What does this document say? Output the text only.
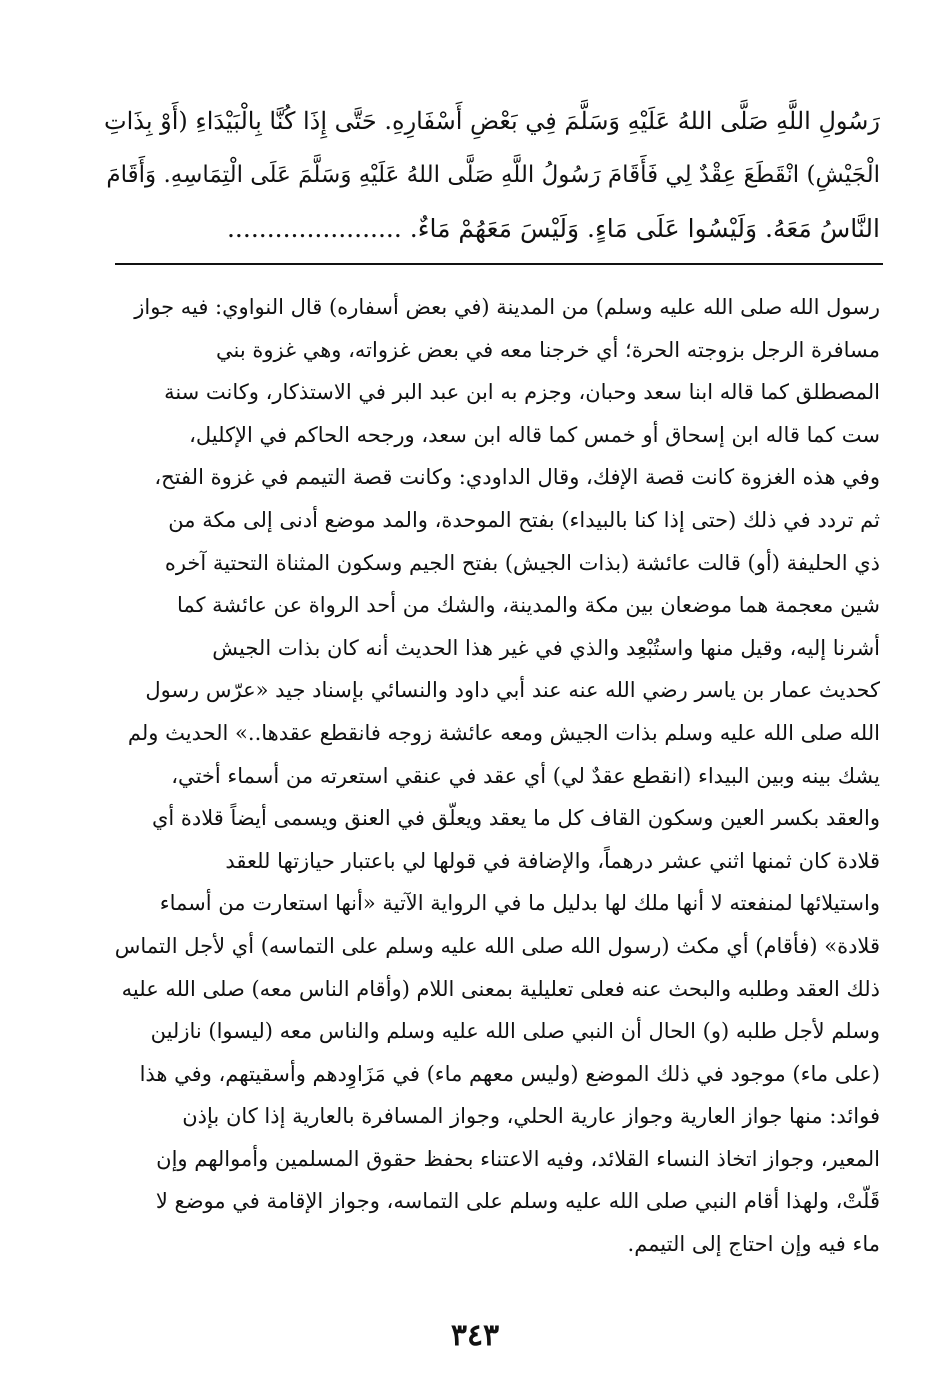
رَسُولِ اللَّهِ صَلَّى اللهُ عَلَيْهِ وَسَلَّمَ فِي بَعْضِ أَسْفَارِهِ. حَتَّى إِذَا كُنَّا بِالْبَيْدَاءِ (أَوْ بِذَاتِ
الْجَيْشِ) انْقَطَعَ عِقْدٌ لِي فَأَقَامَ رَسُولُ اللَّهِ صَلَّى اللهُ عَلَيْهِ وَسَلَّمَ عَلَى الْتِمَاسِهِ. وَأَقَامَ
النَّاسُ مَعَهُ. وَلَيْسُوا عَلَى مَاءٍ. وَلَيْسَ مَعَهُمْ مَاءٌ. ......................
رسول الله صلى الله عليه وسلم) من المدينة (في بعض أسفاره) قال النواوي: فيه جواز
مسافرة الرجل بزوجته الحرة؛ أي خرجنا معه في بعض غزواته، وهي غزوة بني
المصطلق كما قاله ابنا سعد وحبان، وجزم به ابن عبد البر في الاستذكار، وكانت سنة
ست كما قاله ابن إسحاق أو خمس كما قاله ابن سعد، ورجحه الحاكم في الإكليل،
وفي هذه الغزوة كانت قصة الإفك، وقال الداودي: وكانت قصة التيمم في غزوة الفتح،
ثم تردد في ذلك (حتى إذا كنا بالبيداء) بفتح الموحدة، والمد موضع أدنى إلى مكة من
ذي الحليفة (أو) قالت عائشة (بذات الجيش) بفتح الجيم وسكون المثناة التحتية آخره
شين معجمة هما موضعان بين مكة والمدينة، والشك من أحد الرواة عن عائشة كما
أشرنا إليه، وقيل منها واستُبْعِد والذي في غير هذا الحديث أنه كان بذات الجيش
كحديث عمار بن ياسر رضي الله عنه عند أبي داود والنسائي بإسناد جيد «عرّس رسول
الله صلى الله عليه وسلم بذات الجيش ومعه عائشة زوجه فانقطع عقدها..» الحديث ولم
يشك بينه وبين البيداء (انقطع عقدٌ لي) أي عقد في عنقي استعرته من أسماء أختي،
والعقد بكسر العين وسكون القاف كل ما يعقد ويعلّق في العنق ويسمى أيضاً قلادة أي
قلادة كان ثمنها اثني عشر درهماً، والإضافة في قولها لي باعتبار حيازتها للعقد
واستيلائها لمنفعته لا أنها ملك لها بدليل ما في الرواية الآتية «أنها استعارت من أسماء
قلادة» (فأقام) أي مكث (رسول الله صلى الله عليه وسلم على التماسه) أي لأجل التماس
ذلك العقد وطلبه والبحث عنه فعلى تعليلية بمعنى اللام (وأقام الناس معه) صلى الله عليه
وسلم لأجل طلبه (و) الحال أن النبي صلى الله عليه وسلم والناس معه (ليسوا) نازلين
(على ماء) موجود في ذلك الموضع (وليس معهم ماء) في مَزَاوِدهم وأسقيتهم، وفي هذا
فوائد: منها جواز العارية وجواز عارية الحلي، وجواز المسافرة بالعارية إذا كان بإذن
المعير، وجواز اتخاذ النساء القلائد، وفيه الاعتناء بحفظ حقوق المسلمين وأموالهم وإن
قَلّتْ، ولهذا أقام النبي صلى الله عليه وسلم على التماسه، وجواز الإقامة في موضع لا
ماء فيه وإن احتاج إلى التيمم.
٣٤٣
